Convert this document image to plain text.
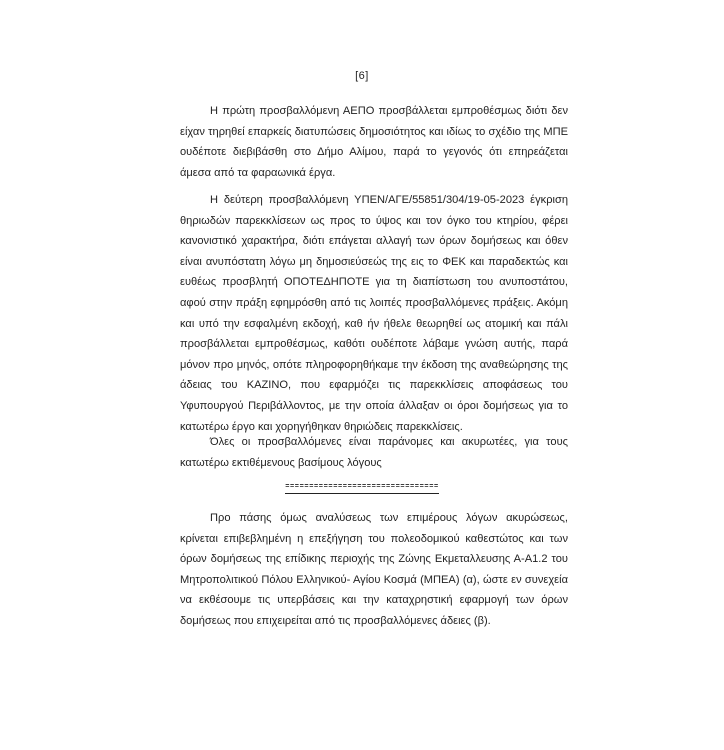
[6]

Η πρώτη προσβαλλόμενη ΑΕΠΟ προσβάλλεται εμπροθέσμως διότι δεν είχαν τηρηθεί επαρκείς διατυπώσεις δημοσιότητος και ιδίως το σχέδιο της ΜΠΕ ουδέποτε διεβιβάσθη στο Δήμο Αλίμου, παρά το γεγονός ότι επηρεάζεται άμεσα από τα φαραωνικά έργα.

Η δεύτερη προσβαλλόμενη ΥΠΕΝ/ΑΓΕ/55851/304/19-05-2023 έγκριση θηριωδών παρεκκλίσεων ως προς το ύψος και τον όγκο του κτηρίου, φέρει κανονιστικό χαρακτήρα, διότι επάγεται αλλαγή των όρων δομήσεως και όθεν είναι ανυπόστατη λόγω μη δημοσιεύσεώς της εις το ΦΕΚ και παραδεκτώς και ευθέως προσβλητή ΟΠΟΤΕΔΗΠΟΤΕ για τη διαπίστωση του ανυποστάτου, αφού στην πράξη εφημρόσθη από τις λοιπές προσβαλλόμενες πράξεις. Ακόμη και υπό την εσφαλμένη εκδοχή, καθ ήν ήθελε θεωρηθεί ως ατομική και πάλι προσβάλλεται εμπροθέσμως, καθότι ουδέποτε λάβαμε γνώση αυτής, παρά μόνον προ μηνός, οπότε πληροφορηθήκαμε την έκδοση της αναθεώρησης της άδειας του ΚΑΖΙΝΟ, που εφαρμόζει τις παρεκκλίσεις αποφάσεως του Υφυπουργού Περιβάλλοντος, με την οποία άλλαξαν οι όροι δομήσεως για το κατωτέρω έργο και χορηγήθηκαν θηριώδεις παρεκκλίσεις.

Όλες οι προσβαλλόμενες είναι παράνομες και ακυρωτέες, για τους κατωτέρω εκτιθέμενους βασίμους λόγους

================================

Προ πάσης όμως αναλύσεως των επιμέρους λόγων ακυρώσεως, κρίνεται επιβεβλημένη η επεξήγηση του πολεοδομικού καθεστώτος και των όρων δομήσεως της επίδικης περιοχής της Ζώνης Εκμεταλλευσης Α-Α1.2 του Μητροπολιτικού Πόλου Ελληνικού- Αγίου Κοσμά (ΜΠΕΑ) (α), ώστε εν συνεχεία να εκθέσουμε τις υπερβάσεις και την καταχρηστική εφαρμογή των όρων δομήσεως που επιχειρείται από τις προσβαλλόμενες άδειες (β).
